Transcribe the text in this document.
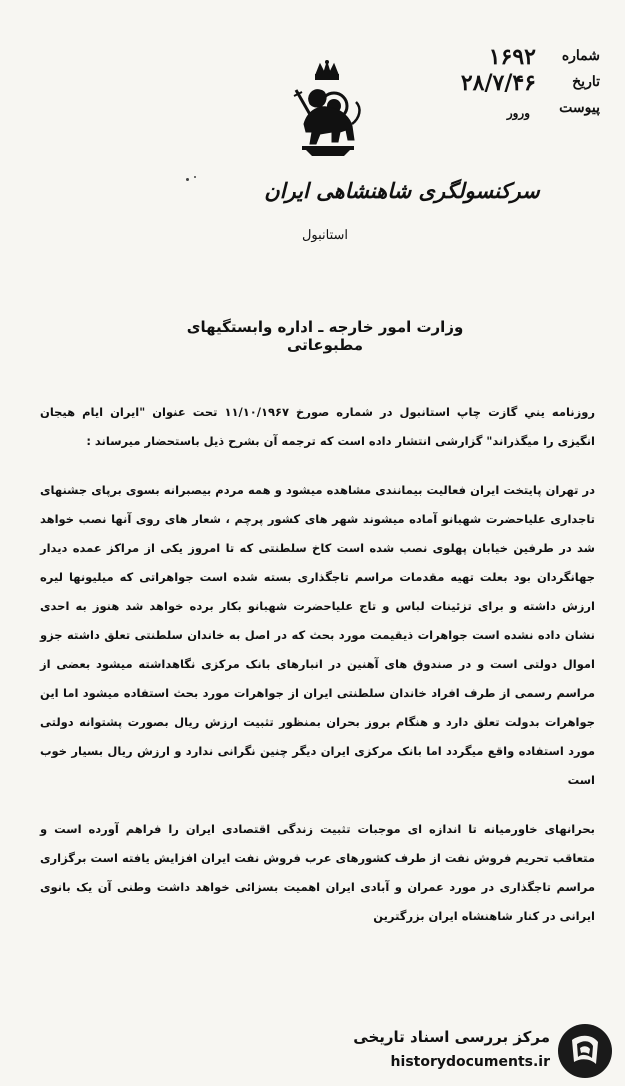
شماره
۱۶۹۲
تاریخ
۲۸/۷/۴۶
پیوست
ورور
سرکنسولگری شاهنشاهی ایران
استانبول
وزارت امور خارجه ـ اداره وابستگیهای مطبوعاتی

روزنامه یني گازت چاپ استانبول در شماره صورخ ۱۱/۱۰/۱۹۶۷ تحت عنوان "ایران ایام هیجان انگیزی را میگذراند" گزارشی انتشار داده است که ترجمه آن بشرح ذیل باستحضار میرساند :

در تهران پایتخت ایران فعالیت بیمانندی مشاهده میشود و همه مردم بیصبرانه بسوی برپای جشنهای تاجداری علیاحضرت شهبانو آماده میشوند شهر های کشور پرچم ، شعار های روی آنها نصب خواهد شد در طرفین خیابان پهلوی نصب شده است کاخ سلطنتی که تا امروز یکی از مراکز عمده دیدار جهانگردان بود بعلت تهیه مقدمات مراسم تاجگذاری بسته شده است جواهراتی که میلیونها لیره ارزش داشته و برای تزئینات لباس و تاج علیاحضرت شهبانو بکار برده خواهد شد هنوز به احدی نشان داده نشده است جواهرات ذیقیمت مورد بحث که در اصل به خاندان سلطنتی تعلق داشته جزو اموال دولتی است و در صندوق های آهنین در انبارهای بانک مرکزی نگاهداشته میشود بعضی از مراسم رسمی از طرف افراد خاندان سلطنتی ایران از جواهرات مورد بحث استفاده میشود اما این جواهرات بدولت تعلق دارد و هنگام بروز بحران بمنظور تثبیت ارزش ریال بصورت پشتوانه دولتی مورد استفاده واقع میگردد اما بانک مرکزی ایران دیگر چنین نگرانی ندارد و ارزش ریال بسیار خوب است

بحرانهای خاورمیانه تا اندازه ای موجبات تثبیت زندگی اقتصادی ایران را فراهم آورده است و متعاقب تحریم فروش نفت از طرف کشورهای عرب فروش نفت ایران افزایش یافته است برگزاری مراسم تاجگذاری در مورد عمران و آبادی ایران اهمیت بسزائی خواهد داشت وطنی آن یک بانوی ایرانی در کنار شاهنشاه ایران بزرگترین

مرکز بررسی اسناد تاریخی
historydocuments.ir
